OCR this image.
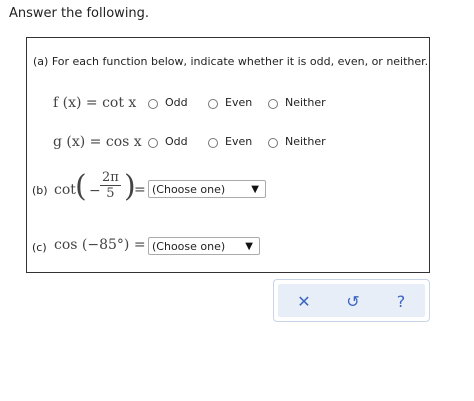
Answer the following.
(a) For each function below, indicate whether it is odd, even, or neither.
f (x) = cot x	Odd	Even	Neither
g (x) = cos x Odd	Even	Neither
(b) cot ( − $\frac{2\pi}{5}$ )
= (Choose one)	▼
(c) cos (−85°) = (Choose one) ▼
✕	↺	?
